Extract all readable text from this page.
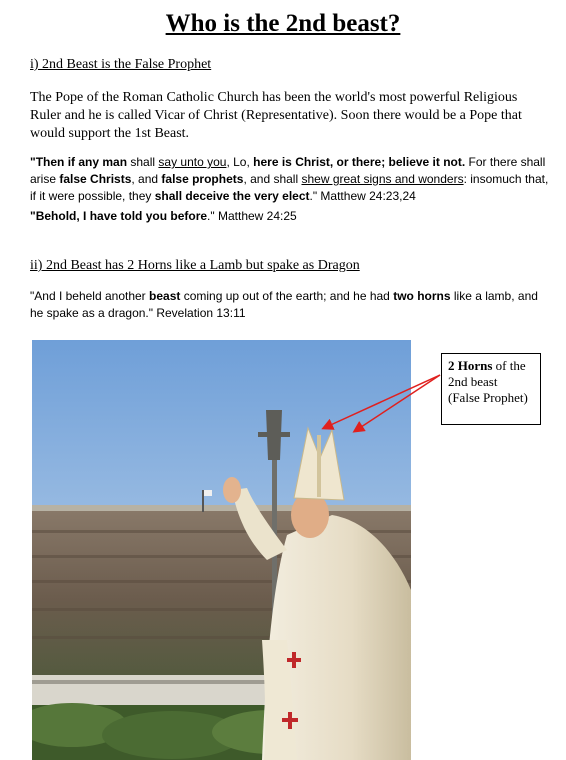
Who is the 2nd beast?
i) 2nd Beast is the False Prophet
The Pope of the Roman Catholic Church has been the world's most powerful Religious
Ruler and he is called Vicar of Christ (Representative). Soon there would be a Pope that
would support the 1st Beast.
"Then if any man shall say unto you, Lo, here is Christ, or there; believe it not. For there shall
arise false Christs, and false prophets, and shall shew great signs and wonders: insomuch that,
if it were possible, they shall deceive the very elect." Matthew 24:23,24
"Behold, I have told you before." Matthew 24:25
ii) 2nd Beast has 2 Horns like a Lamb but spake as Dragon
"And I beheld another beast coming up out of the earth; and he had two horns like a lamb, and
he spake as a dragon." Revelation 13:11
2 Horns of the
2nd beast
(False Prophet)
